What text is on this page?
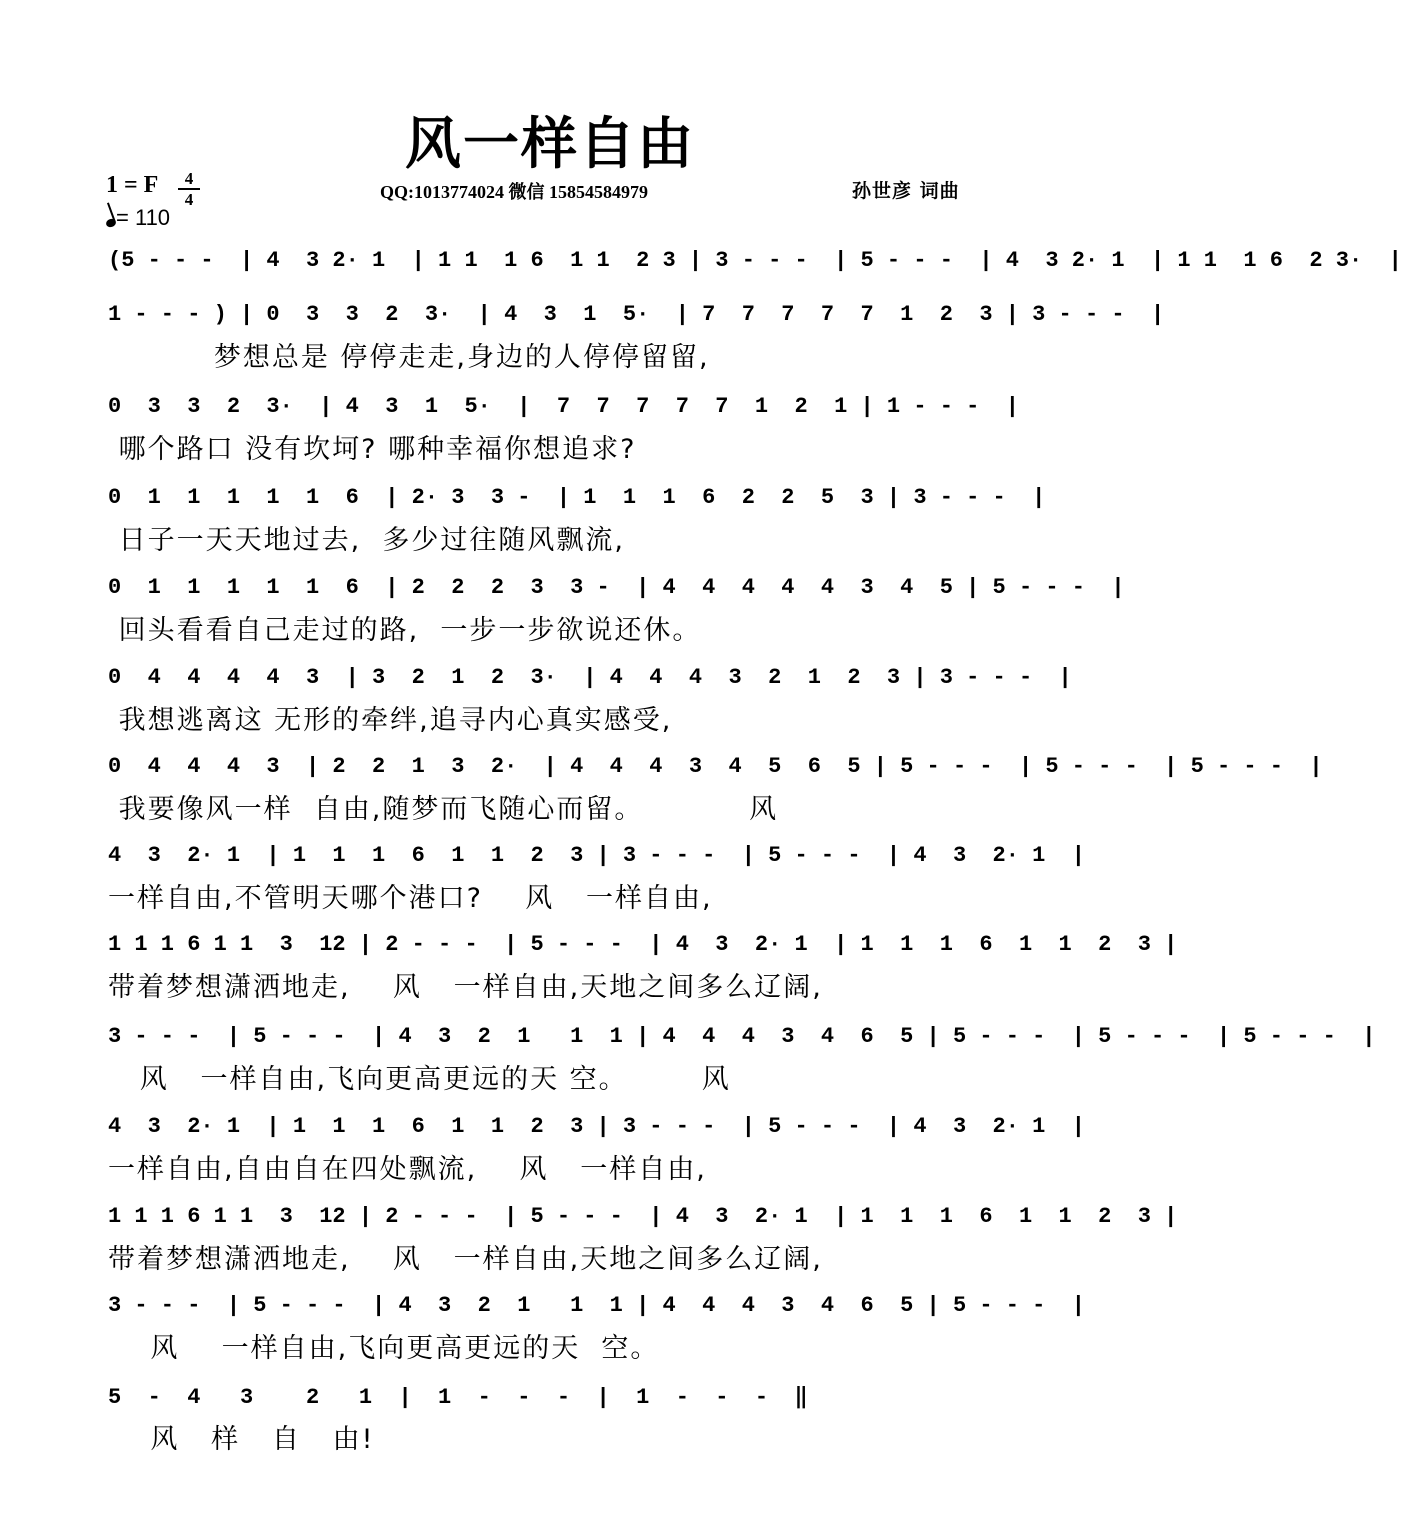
风一样自由
1 = F	4
4
= 110
QQ:1013774024 微信 15854584979	孙世彦 词曲
(5 - - -  | 4  3 2· 1  | 1 1  1 6  1 1  2 3 | 3 - - -  | 5 - - -  | 4  3 2· 1  | 1 1  1 6  2 3·  |
1 - - - ) | 0  3  3  2  3·  | 4  3  1  5·  | 7  7  7  7  7  1  2  3 | 3 - - -  |
梦想总是 停停走走,身边的人停停留留,
0  3  3  2  3·  | 4  3  1  5·  |  7  7  7  7  7  1  2  1 | 1 - - -  |
哪个路口 没有坎坷? 哪种幸福你想追求?
0  1  1  1  1  1  6  | 2· 3  3 -  | 1  1  1  6  2  2  5  3 | 3 - - -  |
日子一天天地过去,  多少过往随风飘流,
0  1  1  1  1  1  6  | 2  2  2  3  3 -  | 4  4  4  4  4  3  4  5 | 5 - - -  |
回头看看自己走过的路,  一步一步欲说还休。
0  4  4  4  4  3  | 3  2  1  2  3·  | 4  4  4  3  2  1  2  3 | 3 - - -  |
我想逃离这 无形的牵绊,追寻内心真实感受,
0  4  4  4  3  | 2  2  1  3  2·  | 4  4  4  3  4  5  6  5 | 5 - - -  | 5 - - -  | 5 - - -  |
我要像风一样  自由,随梦而飞随心而留。          风
4  3  2· 1  | 1  1  1  6  1  1  2  3 | 3 - - -  | 5 - - -  | 4  3  2· 1  |
一样自由,不管明天哪个港口?    风   一样自由,
1 1 1 6 1 1  3  12 | 2 - - -  | 5 - - -  | 4  3  2· 1  | 1  1  1  6  1  1  2  3 |
带着梦想潇洒地走,    风   一样自由,天地之间多么辽阔,
3 - - -  | 5 - - -  | 4  3  2  1   1  1 | 4  4  4  3  4  6  5 | 5 - - -  | 5 - - -  | 5 - - -  |
风   一样自由,飞向更高更远的天 空。       风
4  3  2· 1  | 1  1  1  6  1  1  2  3 | 3 - - -  | 5 - - -  | 4  3  2· 1  |
一样自由,自由自在四处飘流,    风   一样自由,
1 1 1 6 1 1  3  12 | 2 - - -  | 5 - - -  | 4  3  2· 1  | 1  1  1  6  1  1  2  3 |
带着梦想潇洒地走,    风   一样自由,天地之间多么辽阔,
3 - - -  | 5 - - -  | 4  3  2  1   1  1 | 4  4  4  3  4  6  5 | 5 - - -  |
风    一样自由,飞向更高更远的天  空。
5  -  4   3    2   1  |  1  -  -  -  |  1  -  -  -  ‖
风   样   自   由!
